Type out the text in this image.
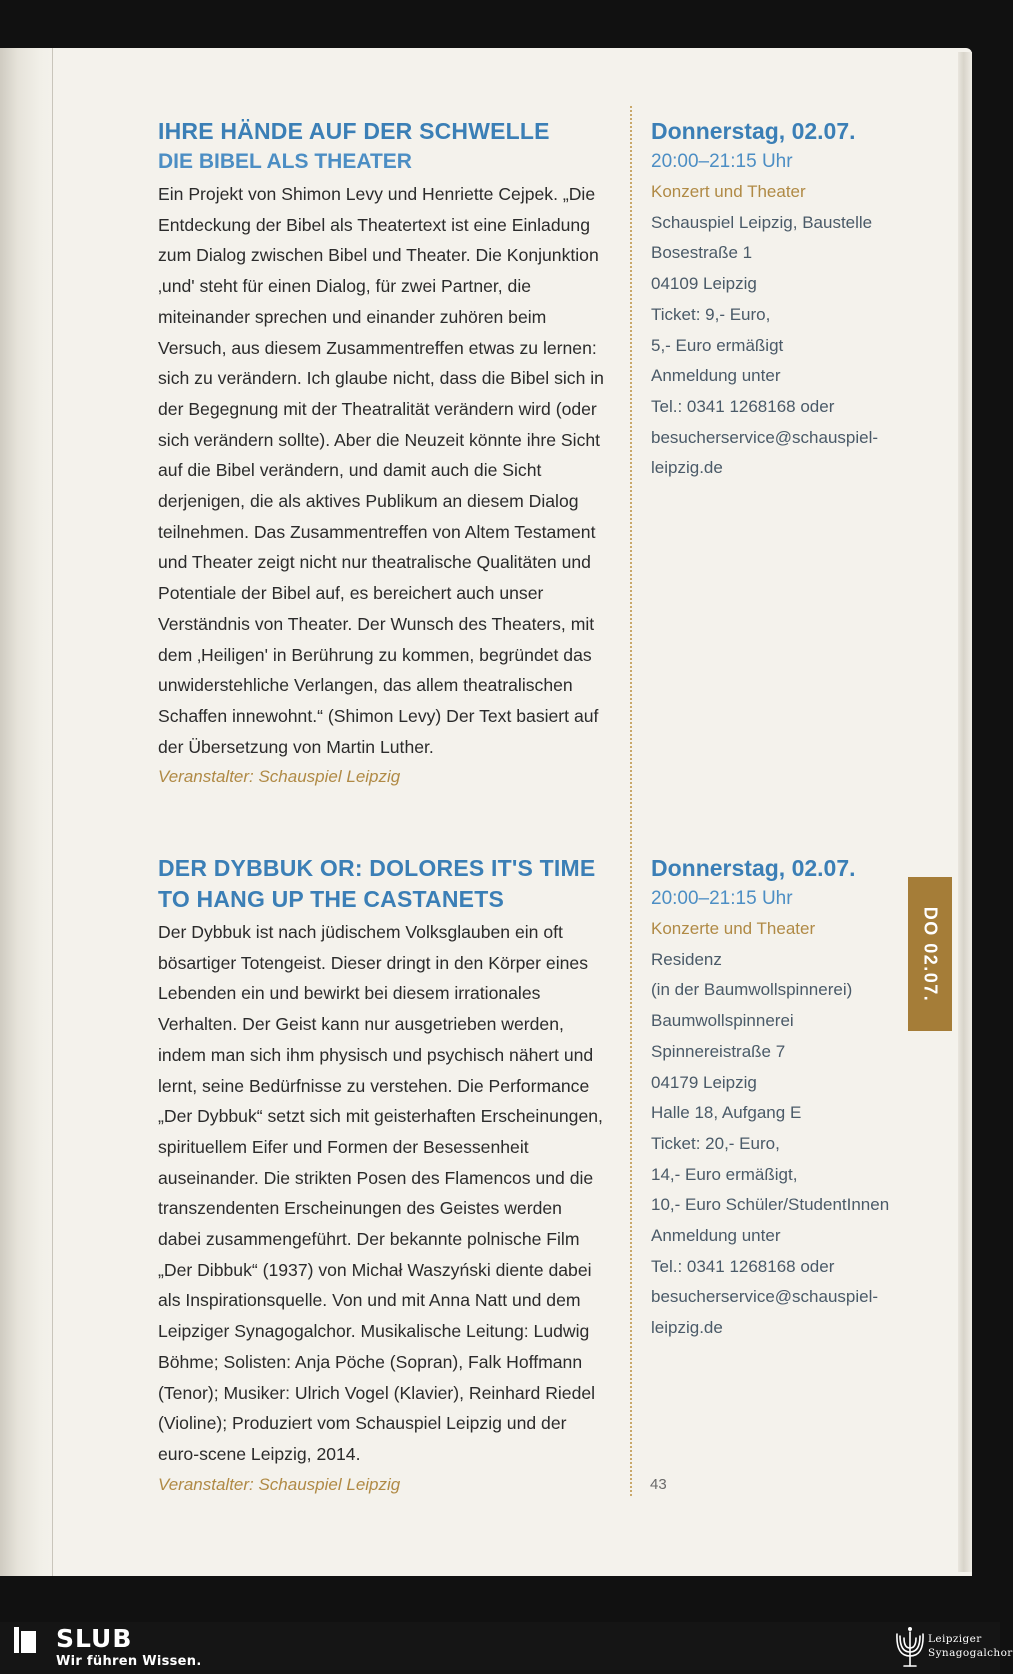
IHRE HÄNDE AUF DER SCHWELLE
DIE BIBEL ALS THEATER

Ein Projekt von Shimon Levy und Henriette Cejpek. „Die Entdeckung der Bibel als Theatertext ist eine Einladung zum Dialog zwischen Bibel und Theater. Die Konjunktion ‚und' steht für einen Dialog, für zwei Partner, die miteinander sprechen und einander zuhören beim Versuch, aus diesem Zusammentreffen etwas zu lernen: sich zu verändern. Ich glaube nicht, dass die Bibel sich in der Begegnung mit der Theatralität verändern wird (oder sich verändern sollte). Aber die Neuzeit könnte ihre Sicht auf die Bibel verändern, und damit auch die Sicht derjenigen, die als aktives Publikum an diesem Dialog teilnehmen. Das Zusammentreffen von Altem Testament und Theater zeigt nicht nur theatralische Qualitäten und Potentiale der Bibel auf, es bereichert auch unser Verständnis von Theater. Der Wunsch des Theaters, mit dem ‚Heiligen' in Berührung zu kommen, begründet das unwiderstehliche Verlangen, das allem theatralischen Schaffen innewohnt.“ (Shimon Levy) Der Text basiert auf der Übersetzung von Martin Luther.

Veranstalter: Schauspiel Leipzig

Donnerstag, 02.07.

20:00–21:15 Uhr

Konzert und Theater

Schauspiel Leipzig, Baustelle

Bosestraße 1

04109 Leipzig

Ticket: 9,- Euro,

5,- Euro ermäßigt

Anmeldung unter

Tel.: 0341 1268168 oder

besucherservice@schauspiel-

leipzig.de

DER DYBBUK OR: DOLORES IT'S TIME
TO HANG UP THE CASTANETS

Der Dybbuk ist nach jüdischem Volksglauben ein oft bösartiger Totengeist. Dieser dringt in den Körper eines Lebenden ein und bewirkt bei diesem irrationales Verhalten. Der Geist kann nur ausgetrieben werden, indem man sich ihm physisch und psychisch nähert und lernt, seine Bedürfnisse zu verstehen. Die Performance „Der Dybbuk“ setzt sich mit geisterhaften Erscheinungen, spirituellem Eifer und Formen der Besessenheit auseinander. Die strikten Posen des Flamencos und die transzendenten Erscheinungen des Geistes werden dabei zusammengeführt. Der bekannte polnische Film „Der Dibbuk“ (1937) von Michał Waszyński diente dabei als Inspirationsquelle. Von und mit Anna Natt und dem Leipziger Synagogalchor. Musikalische Leitung: Ludwig Böhme; Solisten: Anja Pöche (Sopran), Falk Hoffmann (Tenor); Musiker: Ulrich Vogel (Klavier), Reinhard Riedel (Violine); Produziert vom Schauspiel Leipzig und der euro-scene Leipzig, 2014.

Veranstalter: Schauspiel Leipzig

Donnerstag, 02.07.

20:00–21:15 Uhr

Konzerte und Theater

Residenz

(in der Baumwollspinnerei)

Baumwollspinnerei

Spinnereistraße 7

04179 Leipzig

Halle 18, Aufgang E

Ticket: 20,- Euro,

14,- Euro ermäßigt,

10,- Euro Schüler/StudentInnen

Anmeldung unter

Tel.: 0341 1268168 oder

besucherservice@schauspiel-

leipzig.de

DO 02.07.
43
SLUB
Wir führen Wissen.
Leipziger
Synagogalchor
